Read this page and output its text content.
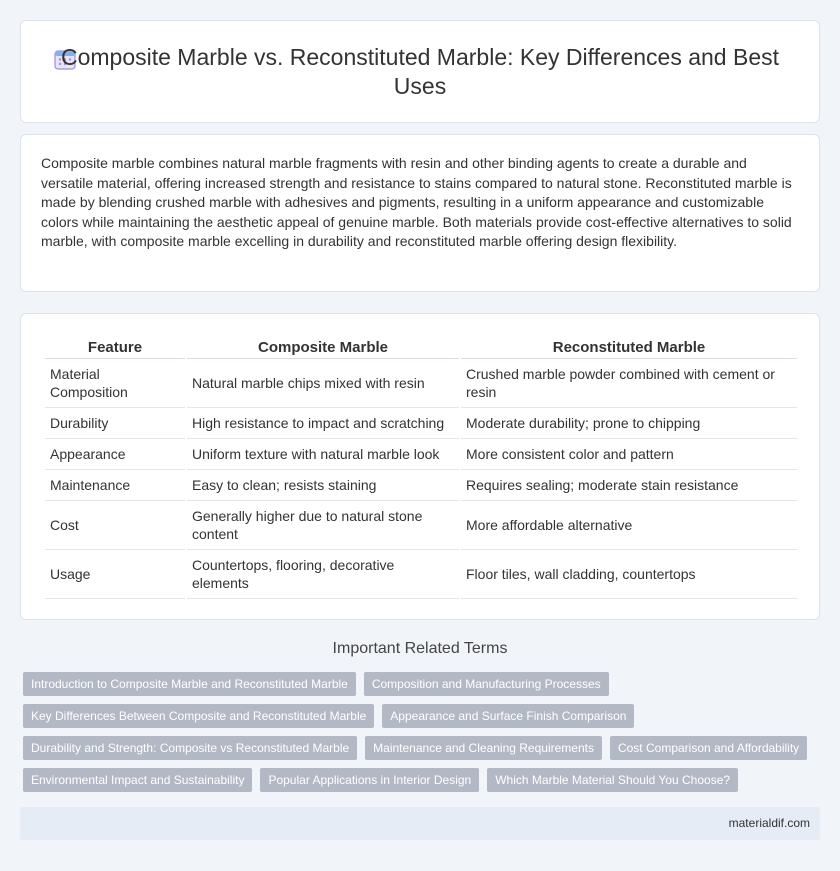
Composite Marble vs. Reconstituted Marble: Key Differences and Best Uses

Composite marble combines natural marble fragments with resin and other binding agents to create a durable and versatile material, offering increased strength and resistance to stains compared to natural stone. Reconstituted marble is made by blending crushed marble with adhesives and pigments, resulting in a uniform appearance and customizable colors while maintaining the aesthetic appeal of genuine marble. Both materials provide cost-effective alternatives to solid marble, with composite marble excelling in durability and reconstituted marble offering design flexibility.

Feature	Composite Marble	Reconstituted Marble
Material Composition	Natural marble chips mixed with resin	Crushed marble powder combined with cement or resin
Durability	High resistance to impact and scratching	Moderate durability; prone to chipping
Appearance	Uniform texture with natural marble look	More consistent color and pattern
Maintenance	Easy to clean; resists staining	Requires sealing; moderate stain resistance
Cost	Generally higher due to natural stone content	More affordable alternative
Usage	Countertops, flooring, decorative elements	Floor tiles, wall cladding, countertops
Important Related Terms
Introduction to Composite Marble and Reconstituted Marble	Composition and Manufacturing Processes
Key Differences Between Composite and Reconstituted Marble	Appearance and Surface Finish Comparison
Durability and Strength: Composite vs Reconstituted Marble	Maintenance and Cleaning Requirements	Cost Comparison and Affordability
Environmental Impact and Sustainability	Popular Applications in Interior Design	Which Marble Material Should You Choose?
materialdif.com
